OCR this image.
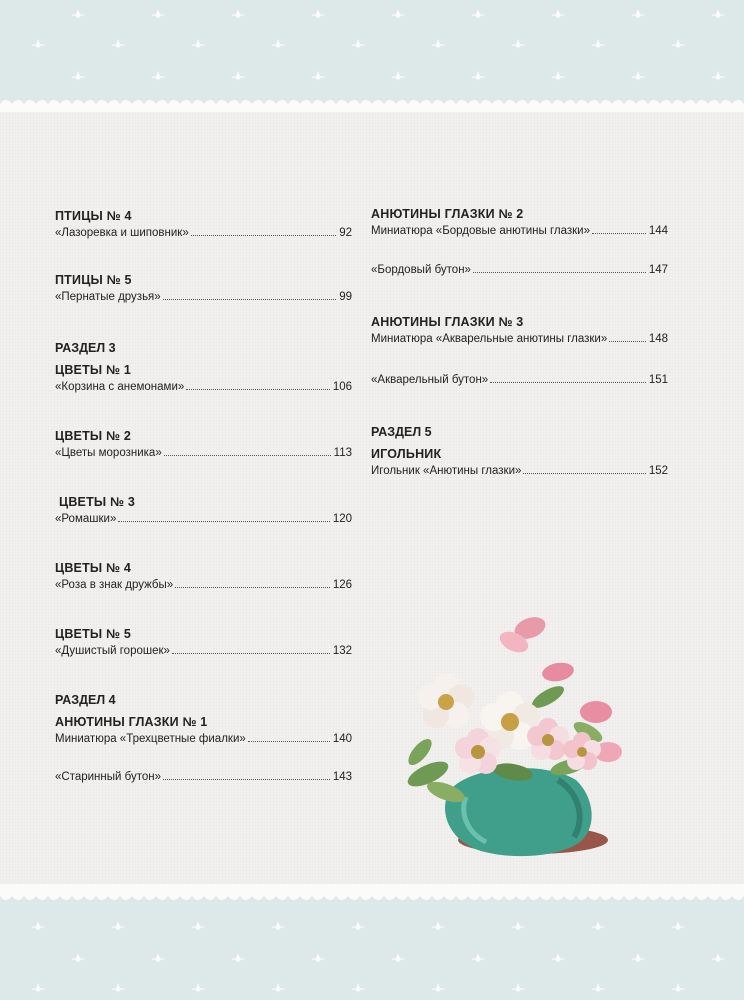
ПТИЦЫ № 4
«Лазоревка и шиповник»	92
ПТИЦЫ № 5
«Пернатые друзья»	99
РАЗДЕЛ 3
ЦВЕТЫ № 1
«Корзина с анемонами»	106
ЦВЕТЫ № 2
«Цветы морозника»	113
ЦВЕТЫ № 3
«Ромашки»	120
ЦВЕТЫ № 4
«Роза в знак дружбы»	126
ЦВЕТЫ № 5
«Душистый горошек»	132
РАЗДЕЛ 4
АНЮТИНЫ ГЛАЗКИ № 1
Миниатюра «Трехцветные фиалки»	140
«Старинный бутон»	143
АНЮТИНЫ ГЛАЗКИ № 2
Миниатюра «Бордовые анютины глазки»	144
«Бордовый бутон»	147
АНЮТИНЫ ГЛАЗКИ № 3
Миниатюра «Акварельные анютины глазки»	148
«Акварельный бутон»	151
РАЗДЕЛ 5
ИГОЛЬНИК
Игольник «Анютины глазки»	152
